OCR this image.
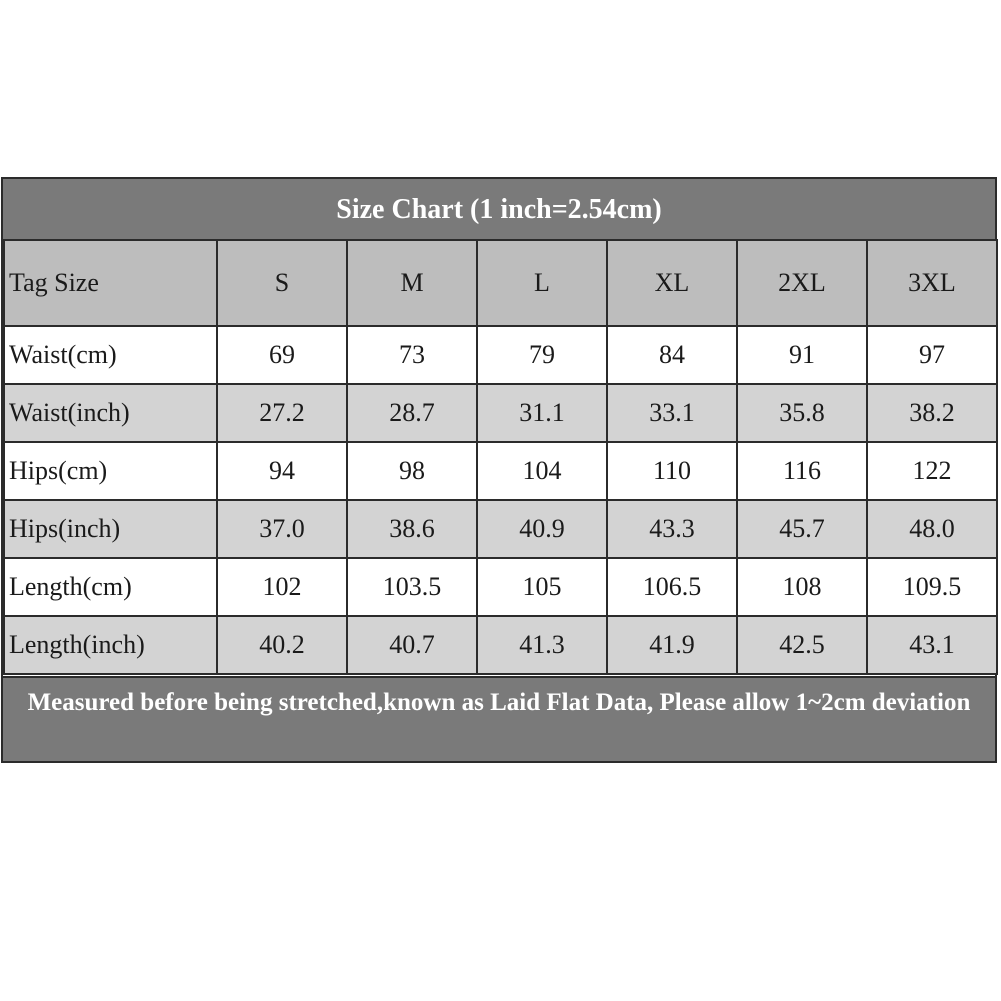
Size Chart (1 inch=2.54cm)
Tag Size	S	M	L	XL	2XL	3XL
Waist(cm)	69	73	79	84	91	97
Waist(inch)	27.2	28.7	31.1	33.1	35.8	38.2
Hips(cm)	94	98	104	110	116	122
Hips(inch)	37.0	38.6	40.9	43.3	45.7	48.0
Length(cm)	102	103.5	105	106.5	108	109.5
Length(inch)	40.2	40.7	41.3	41.9	42.5	43.1
Measured before being stretched,known as Laid Flat Data, Please allow 1~2cm deviation
